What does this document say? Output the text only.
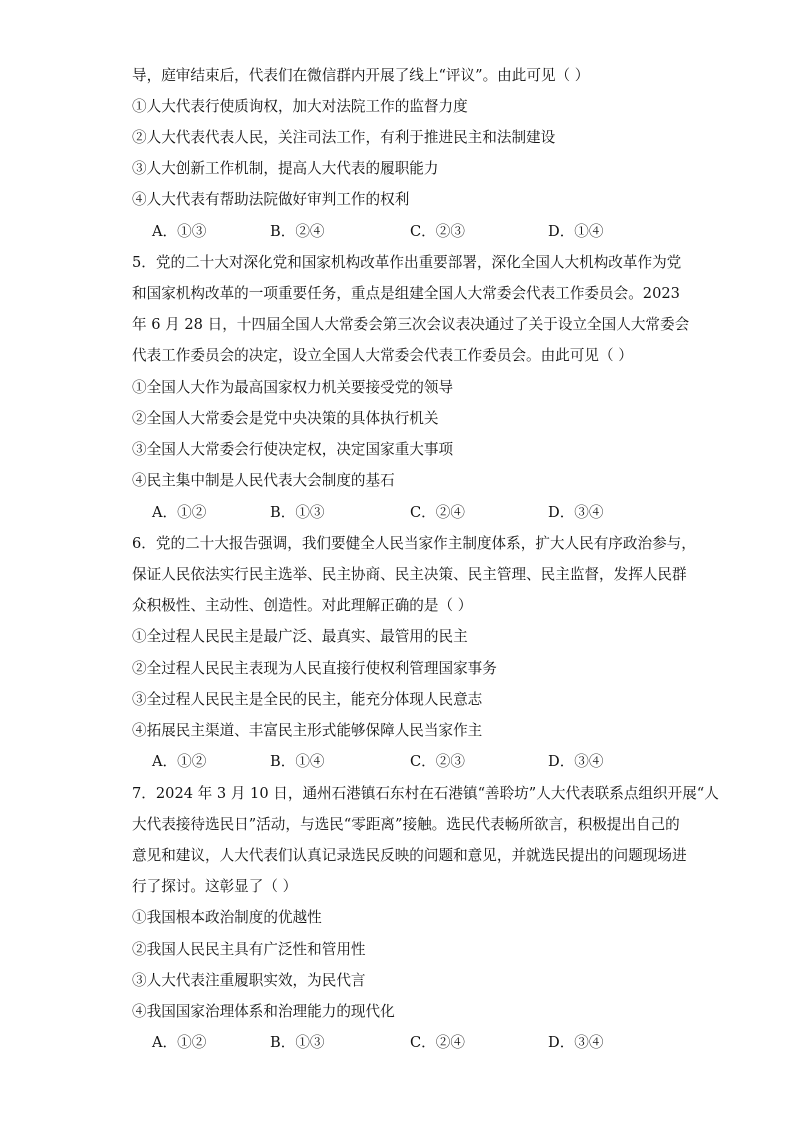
导，庭审结束后，代表们在微信群内开展了线上“评议”。由此可见（ ）
①人大代表行使质询权，加大对法院工作的监督力度
②人大代表代表人民，关注司法工作，有利于推进民主和法制建设
③人大创新工作机制，提高人大代表的履职能力
④人大代表有帮助法院做好审判工作的权利
A．①③	B．②④	C．②③	D．①④
5．党的二十大对深化党和国家机构改革作出重要部署，深化全国人大机构改革作为党
和国家机构改革的一项重要任务，重点是组建全国人大常委会代表工作委员会。2023
年 6 月 28 日，十四届全国人大常委会第三次会议表决通过了关于设立全国人大常委会
代表工作委员会的决定，设立全国人大常委会代表工作委员会。由此可见（ ）
①全国人大作为最高国家权力机关要接受党的领导
②全国人大常委会是党中央决策的具体执行机关
③全国人大常委会行使决定权，决定国家重大事项
④民主集中制是人民代表大会制度的基石
A．①②	B．①③	C．②④	D．③④
6．党的二十大报告强调，我们要健全人民当家作主制度体系，扩大人民有序政治参与，
保证人民依法实行民主选举、民主协商、民主决策、民主管理、民主监督，发挥人民群
众积极性、主动性、创造性。对此理解正确的是（ ）
①全过程人民民主是最广泛、最真实、最管用的民主
②全过程人民民主表现为人民直接行使权利管理国家事务
③全过程人民民主是全民的民主，能充分体现人民意志
④拓展民主渠道、丰富民主形式能够保障人民当家作主
A．①②	B．①④	C．②③	D．③④
7．2024 年 3 月 10 日，通州石港镇石东村在石港镇“善聆坊”人大代表联系点组织开展“人
大代表接待选民日”活动，与选民“零距离”接触。选民代表畅所欲言，积极提出自己的
意见和建议，人大代表们认真记录选民反映的问题和意见，并就选民提出的问题现场进
行了探讨。这彰显了（ ）
①我国根本政治制度的优越性
②我国人民民主具有广泛性和管用性
③人大代表注重履职实效，为民代言
④我国国家治理体系和治理能力的现代化
A．①②	B．①③	C．②④	D．③④
